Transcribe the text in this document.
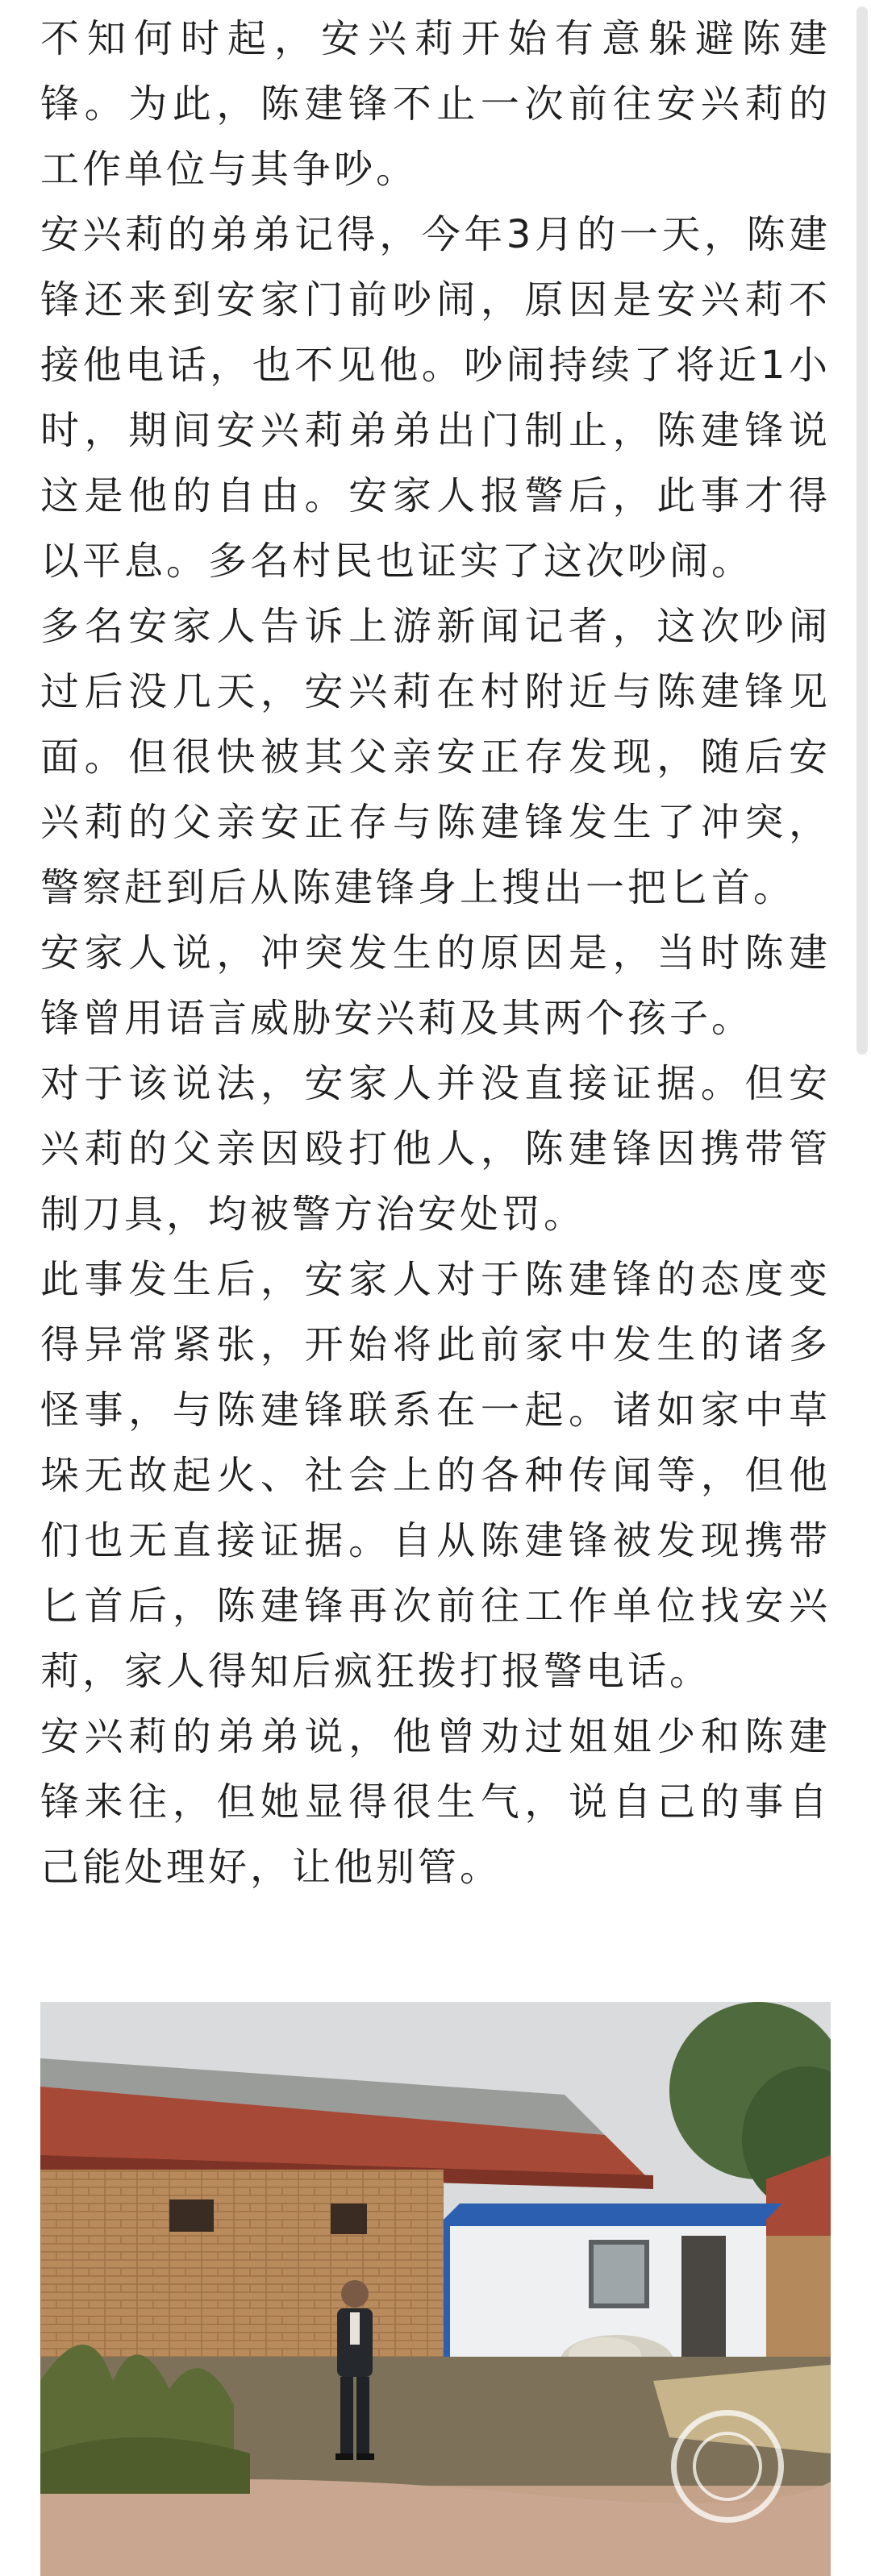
不知何时起，安兴莉开始有意躲避陈建锋。为此，陈建锋不止一次前往安兴莉的工作单位与其争吵。

安兴莉的弟弟记得，今年3月的一天，陈建锋还来到安家门前吵闹，原因是安兴莉不接他电话，也不见他。吵闹持续了将近1小时，期间安兴莉弟弟出门制止，陈建锋说这是他的自由。安家人报警后，此事才得以平息。多名村民也证实了这次吵闹。

多名安家人告诉上游新闻记者，这次吵闹过后没几天，安兴莉在村附近与陈建锋见面。但很快被其父亲安正存发现，随后安兴莉的父亲安正存与陈建锋发生了冲突，警察赶到后从陈建锋身上搜出一把匕首。

安家人说，冲突发生的原因是，当时陈建锋曾用语言威胁安兴莉及其两个孩子。

对于该说法，安家人并没直接证据。但安兴莉的父亲因殴打他人，陈建锋因携带管制刀具，均被警方治安处罚。

此事发生后，安家人对于陈建锋的态度变得异常紧张，开始将此前家中发生的诸多怪事，与陈建锋联系在一起。诸如家中草垛无故起火、社会上的各种传闻等，但他们也无直接证据。自从陈建锋被发现携带匕首后，陈建锋再次前往工作单位找安兴莉，家人得知后疯狂拨打报警电话。

安兴莉的弟弟说，他曾劝过姐姐少和陈建锋来往，但她显得很生气，说自己的事自己能处理好，让他别管。
